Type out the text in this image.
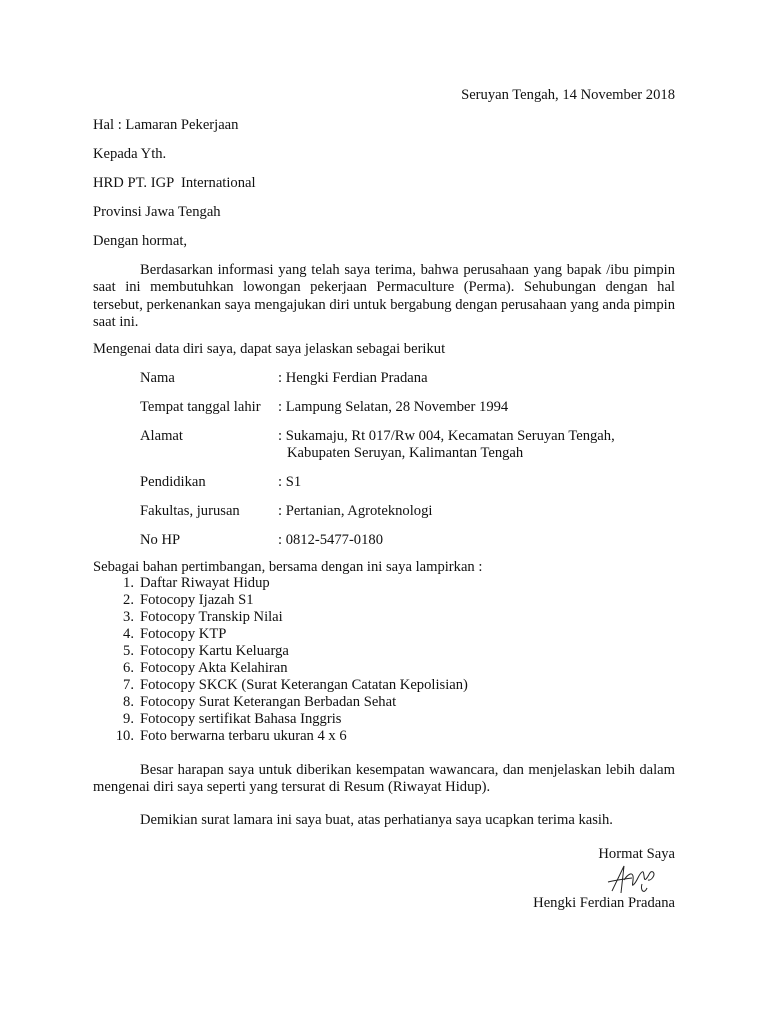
Seruyan Tengah, 14 November 2018
Hal : Lamaran Pekerjaan
Kepada Yth.
HRD PT. IGP  International
Provinsi Jawa Tengah
Dengan hormat,

Berdasarkan informasi yang telah saya terima, bahwa perusahaan yang bapak /ibu pimpin saat ini membutuhkan lowongan pekerjaan Permaculture (Perma). Sehubungan dengan hal tersebut, perkenankan saya mengajukan diri untuk bergabung dengan perusahaan yang anda pimpin saat ini.

Mengenai data diri saya, dapat saya jelaskan sebagai berikut
Nama	: Hengki Ferdian Pradana
Tempat tanggal lahir : Lampung Selatan, 28 November 1994
Alamat	: Sukamaju, Rt 017/Rw 004, Kecamatan Seruyan Tengah,
Kabupaten Seruyan, Kalimantan Tengah
Pendidikan	: S1
Fakultas, jurusan	: Pertanian, Agroteknologi
No HP	: 0812-5477-0180
Sebagai bahan pertimbangan, bersama dengan ini saya lampirkan :
1. Daftar Riwayat Hidup
2. Fotocopy Ijazah S1
3. Fotocopy Transkip Nilai
4. Fotocopy KTP
5. Fotocopy Kartu Keluarga
6. Fotocopy Akta Kelahiran
7. Fotocopy SKCK (Surat Keterangan Catatan Kepolisian)
8. Fotocopy Surat Keterangan Berbadan Sehat
9. Fotocopy sertifikat Bahasa Inggris
10. Foto berwarna terbaru ukuran 4 x 6

Besar harapan saya untuk diberikan kesempatan wawancara, dan menjelaskan lebih dalam mengenai diri saya seperti yang tersurat di Resum (Riwayat Hidup).

Demikian surat lamara ini saya buat, atas perhatianya saya ucapkan terima kasih.
Hormat Saya
Hengki Ferdian Pradana
